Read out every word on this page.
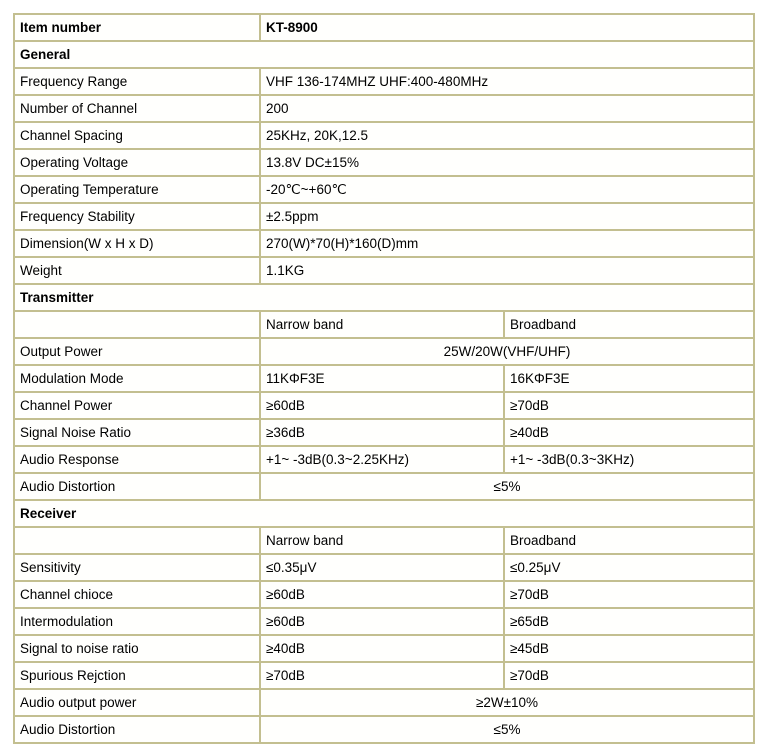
Item number	KT-8900	
General		
Frequency Range	VHF 136-174MHZ UHF:400-480MHz	
Number of Channel	200	
Channel Spacing	25KHz, 20K,12.5	
Operating Voltage	13.8V DC±15%	
Operating Temperature	-20℃~+60℃	
Frequency Stability	±2.5ppm	
Dimension(W x H x D)	270(W)*70(H)*160(D)mm	
Weight	1.1KG	
Transmitter		
	Narrow band	Broadband
Output Power	25W/20W(VHF/UHF)	
Modulation Mode	11KΦF3E	16KΦF3E
Channel Power	≥60dB	≥70dB
Signal Noise Ratio	≥36dB	≥40dB
Audio Response	+1~ -3dB(0.3~2.25KHz)	+1~ -3dB(0.3~3KHz)
Audio Distortion	≤5%	
Receiver		
	Narrow band	Broadband
Sensitivity	≤0.35μV	≤0.25μV
Channel chioce	≥60dB	≥70dB
Intermodulation	≥60dB	≥65dB
Signal to noise ratio	≥40dB	≥45dB
Spurious Rejction	≥70dB	≥70dB
Audio output power	≥2W±10%	
Audio Distortion	≤5%	
